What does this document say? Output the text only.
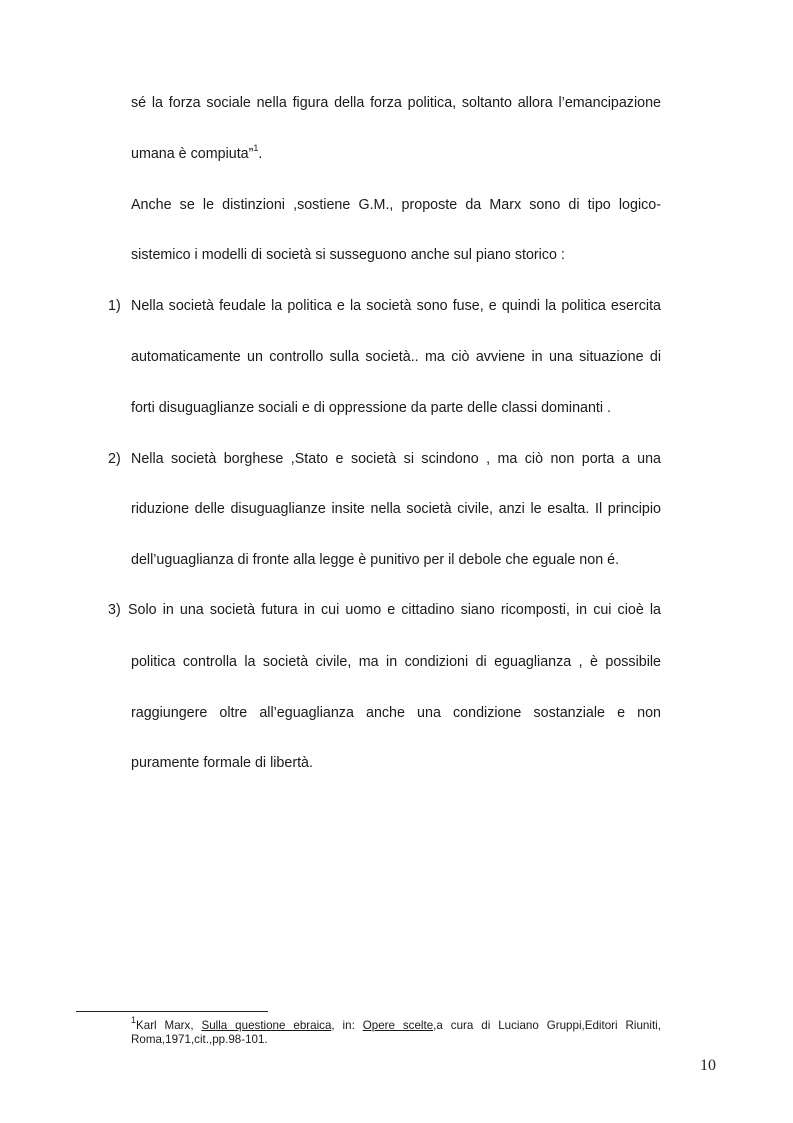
sé la forza sociale nella figura della forza politica, soltanto allora l’emancipazione
umana è compiuta”$^1$.
Anche se le distinzioni ,sostiene G.M., proposte da Marx sono di tipo logico-
sistemico i modelli di società si susseguono anche sul piano storico :
1) Nella società feudale la politica e la società sono fuse, e quindi la politica esercita
automaticamente un controllo sulla società.. ma ciò avviene in una situazione di
forti disuguaglianze sociali e di oppressione da parte delle classi dominanti .
2) Nella società borghese ,Stato e società si scindono , ma ciò non porta a una
riduzione delle disuguaglianze insite nella società civile, anzi le esalta. Il principio
dell’uguaglianza di fronte alla legge è punitivo per il debole che eguale non é.
3) Solo in una società futura in cui uomo e cittadino siano ricomposti, in cui cioè la
politica controlla la società civile, ma in condizioni di eguaglianza , è possibile
raggiungere oltre all’eguaglianza anche una condizione sostanziale e non
puramente formale di libertà.
$^1$Karl Marx, Sulla questione ebraica, in: Opere scelte,a cura di Luciano Gruppi,Editori Riuniti,
Roma,1971,cit.,pp.98-101.
10
